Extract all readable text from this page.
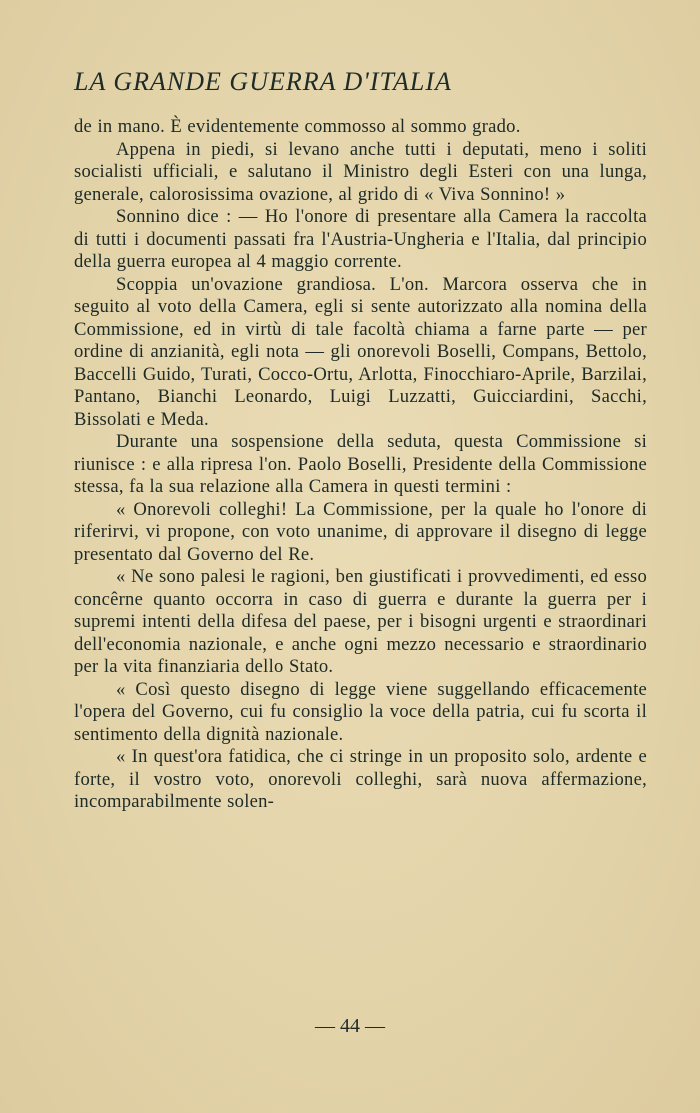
LA GRANDE GUERRA D'ITALIA

de in mano. È evidentemente commosso al sommo grado.

Appena in piedi, si levano anche tutti i deputati, meno i soliti socialisti ufficiali, e salutano il Ministro degli Esteri con una lunga, generale, calorosissima ovazione, al grido di « Viva Sonnino! »

Sonnino dice : — Ho l'onore di presentare alla Camera la raccolta di tutti i documenti passati fra l'Austria-Ungheria e l'Italia, dal principio della guerra europea al 4 maggio corrente.

Scoppia un'ovazione grandiosa. L'on. Marcora osserva che in seguito al voto della Camera, egli si sente autorizzato alla nomina della Commissione, ed in virtù di tale facoltà chiama a farne parte — per ordine di anzianità, egli nota — gli onorevoli Boselli, Compans, Bettolo, Baccelli Guido, Turati, Cocco-Ortu, Arlotta, Finocchiaro-Aprile, Barzilai, Pantano, Bianchi Leonardo, Luigi Luzzatti, Guicciardini, Sacchi, Bissolati e Meda.

Durante una sospensione della seduta, questa Commissione si riunisce : e alla ripresa l'on. Paolo Boselli, Presidente della Commissione stessa, fa la sua relazione alla Camera in questi termini :

« Onorevoli colleghi! La Commissione, per la quale ho l'onore di riferirvi, vi propone, con voto unanime, di approvare il disegno di legge presentato dal Governo del Re.

« Ne sono palesi le ragioni, ben giustificati i provvedimenti, ed esso concêrne quanto occorra in caso di guerra e durante la guerra per i supremi intenti della difesa del paese, per i bisogni urgenti e straordinari dell'economia nazionale, e anche ogni mezzo necessario e straordinario per la vita finanziaria dello Stato.

« Così questo disegno di legge viene suggellando efficacemente l'opera del Governo, cui fu consiglio la voce della patria, cui fu scorta il sentimento della dignità nazionale.

« In quest'ora fatidica, che ci stringe in un proposito solo, ardente e forte, il vostro voto, onorevoli colleghi, sarà nuova affermazione, incomparabilmente solen-

— 44 —
